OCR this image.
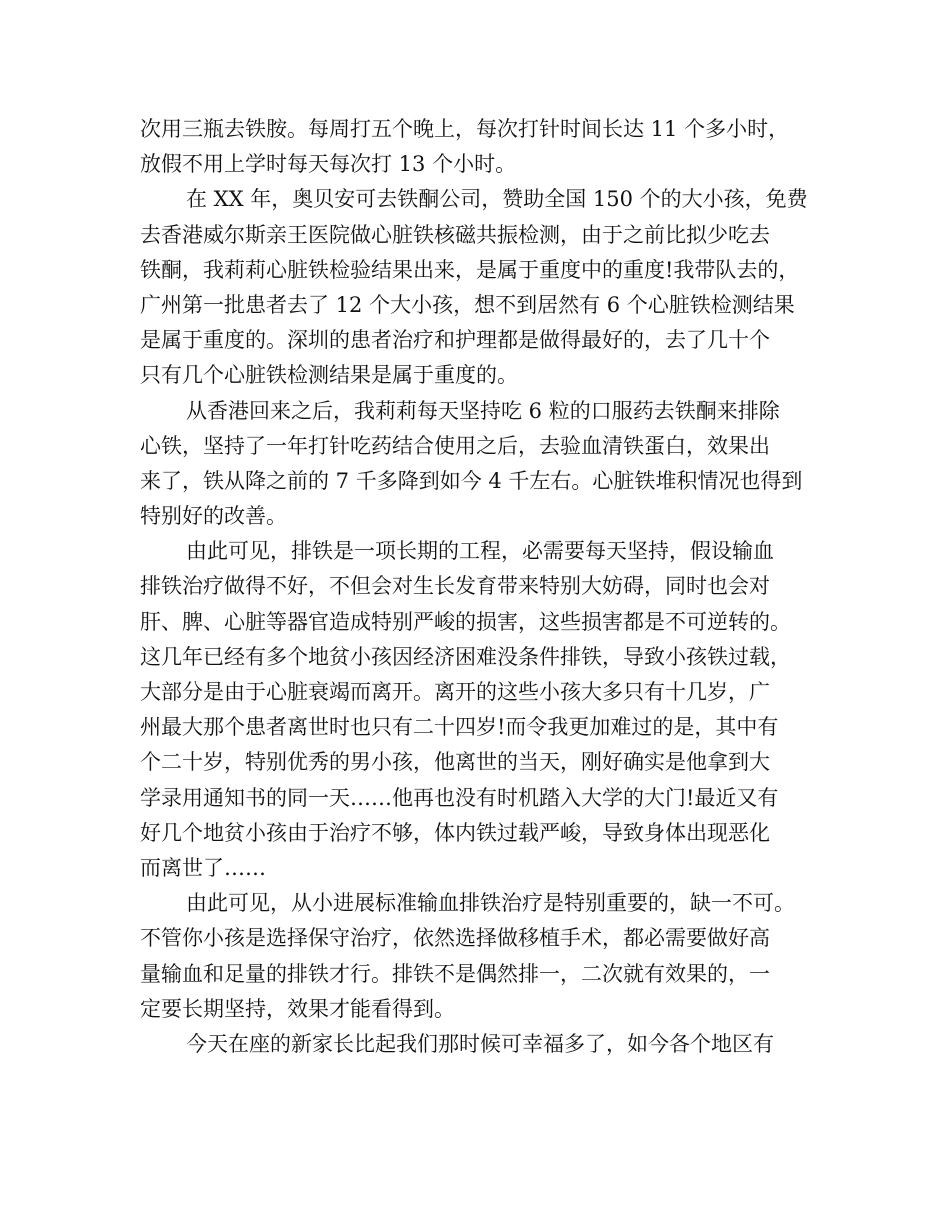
次用三瓶去铁胺。每周打五个晚上，每次打针时间长达 11 个多小时，
放假不用上学时每天每次打 13 个小时。
在 XX 年，奥贝安可去铁酮公司，赞助全国 150 个的大小孩，免费
去香港威尔斯亲王医院做心脏铁核磁共振检测，由于之前比拟少吃去
铁酮，我莉莉心脏铁检验结果出来，是属于重度中的重度!我带队去的，
广州第一批患者去了 12 个大小孩，想不到居然有 6 个心脏铁检测结果
是属于重度的。深圳的患者治疗和护理都是做得最好的，去了几十个
只有几个心脏铁检测结果是属于重度的。
从香港回来之后，我莉莉每天坚持吃 6 粒的口服药去铁酮来排除
心铁，坚持了一年打针吃药结合使用之后，去验血清铁蛋白，效果出
来了，铁从降之前的 7 千多降到如今 4 千左右。心脏铁堆积情况也得到
特别好的改善。
由此可见，排铁是一项长期的工程，必需要每天坚持，假设输血
排铁治疗做得不好，不但会对生长发育带来特别大妨碍，同时也会对
肝、脾、心脏等器官造成特别严峻的损害，这些损害都是不可逆转的。
这几年已经有多个地贫小孩因经济困难没条件排铁，导致小孩铁过载，
大部分是由于心脏衰竭而离开。离开的这些小孩大多只有十几岁，广
州最大那个患者离世时也只有二十四岁!而令我更加难过的是，其中有
个二十岁，特别优秀的男小孩，他离世的当天，刚好确实是他拿到大
学录用通知书的同一天……他再也没有时机踏入大学的大门!最近又有
好几个地贫小孩由于治疗不够，体内铁过载严峻，导致身体出现恶化
而离世了……
由此可见，从小进展标准输血排铁治疗是特别重要的，缺一不可。
不管你小孩是选择保守治疗，依然选择做移植手术，都必需要做好高
量输血和足量的排铁才行。排铁不是偶然排一，二次就有效果的，一
定要长期坚持，效果才能看得到。
今天在座的新家长比起我们那时候可幸福多了，如今各个地区有
